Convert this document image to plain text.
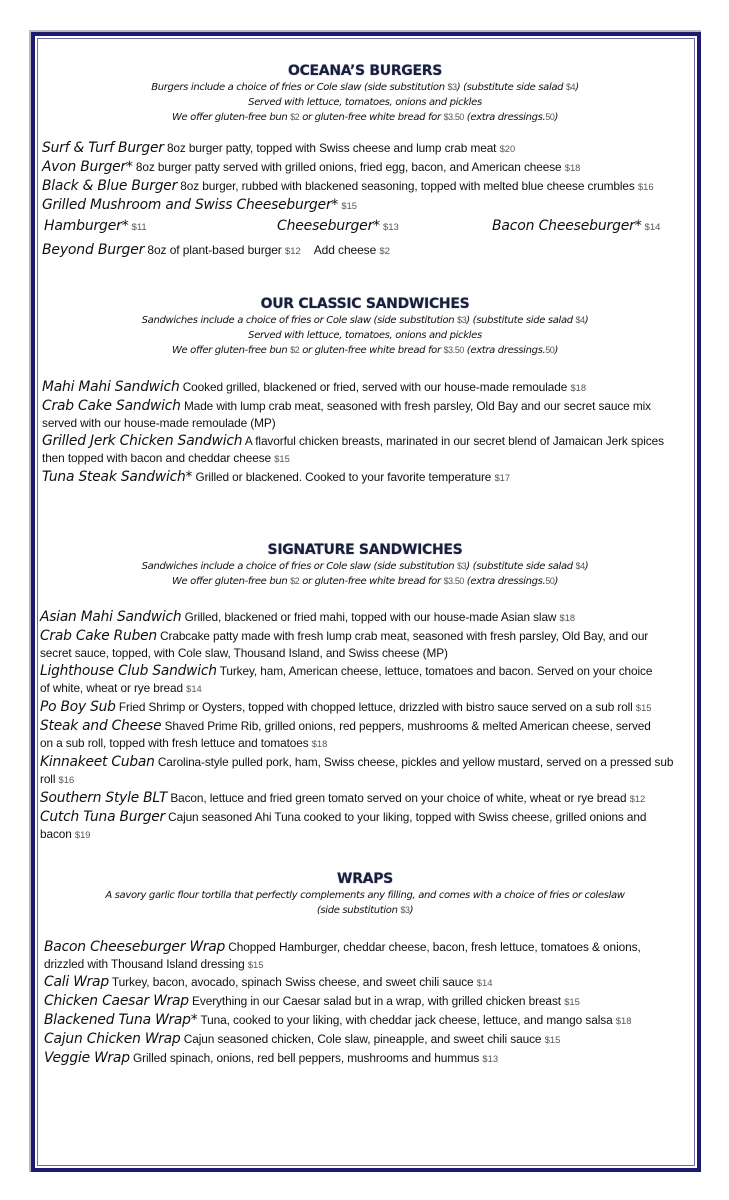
OCEANA’S BURGERS
Burgers include a choice of fries or Cole slaw (side substitution $3) (substitute side salad $4)
Served with lettuce, tomatoes, onions and pickles
We offer gluten-free bun $2 or gluten-free white bread for $3.50 (extra dressings.50)
Surf & Turf Burger 8oz burger patty, topped with Swiss cheese and lump crab meat $20
Avon Burger* 8oz burger patty served with grilled onions, fried egg, bacon, and American cheese $18
Black & Blue Burger 8oz burger, rubbed with blackened seasoning, topped with melted blue cheese crumbles $16
Grilled Mushroom and Swiss Cheeseburger* $15
Hamburger* $11	Cheeseburger* $13	Bacon Cheeseburger* $14
Beyond Burger 8oz of plant-based burger $12 Add cheese $2
OUR CLASSIC SANDWICHES
Sandwiches include a choice of fries or Cole slaw (side substitution $3) (substitute side salad $4)
Served with lettuce, tomatoes, onions and pickles
We offer gluten-free bun $2 or gluten-free white bread for $3.50 (extra dressings.50)
Mahi Mahi Sandwich Cooked grilled, blackened or fried, served with our house-made remoulade $18
Crab Cake Sandwich Made with lump crab meat, seasoned with fresh parsley, Old Bay and our secret sauce mix
served with our house-made remoulade (MP)
Grilled Jerk Chicken Sandwich A flavorful chicken breasts, marinated in our secret blend of Jamaican Jerk spices
then topped with bacon and cheddar cheese $15
Tuna Steak Sandwich* Grilled or blackened. Cooked to your favorite temperature $17
SIGNATURE SANDWICHES
Sandwiches include a choice of fries or Cole slaw (side substitution $3) (substitute side salad $4)
We offer gluten-free bun $2 or gluten-free white bread for $3.50 (extra dressings.50)
Asian Mahi Sandwich Grilled, blackened or fried mahi, topped with our house-made Asian slaw $18
Crab Cake Ruben Crabcake patty made with fresh lump crab meat, seasoned with fresh parsley, Old Bay, and our
secret sauce, topped, with Cole slaw, Thousand Island, and Swiss cheese (MP)
Lighthouse Club Sandwich Turkey, ham, American cheese, lettuce, tomatoes and bacon. Served on your choice
of white, wheat or rye bread $14
Po Boy Sub Fried Shrimp or Oysters, topped with chopped lettuce, drizzled with bistro sauce served on a sub roll $15
Steak and Cheese Shaved Prime Rib, grilled onions, red peppers, mushrooms & melted American cheese, served
on a sub roll, topped with fresh lettuce and tomatoes $18
Kinnakeet Cuban Carolina-style pulled pork, ham, Swiss cheese, pickles and yellow mustard, served on a pressed sub
roll $16
Southern Style BLT Bacon, lettuce and fried green tomato served on your choice of white, wheat or rye bread $12
Cutch Tuna Burger Cajun seasoned Ahi Tuna cooked to your liking, topped with Swiss cheese, grilled onions and
bacon $19
WRAPS
A savory garlic flour tortilla that perfectly complements any filling, and comes with a choice of fries or coleslaw
(side substitution $3)
Bacon Cheeseburger Wrap Chopped Hamburger, cheddar cheese, bacon, fresh lettuce, tomatoes & onions,
drizzled with Thousand Island dressing $15
Cali Wrap Turkey, bacon, avocado, spinach Swiss cheese, and sweet chili sauce $14
Chicken Caesar Wrap Everything in our Caesar salad but in a wrap, with grilled chicken breast $15
Blackened Tuna Wrap* Tuna, cooked to your liking, with cheddar jack cheese, lettuce, and mango salsa $18
Cajun Chicken Wrap Cajun seasoned chicken, Cole slaw, pineapple, and sweet chili sauce $15
Veggie Wrap Grilled spinach, onions, red bell peppers, mushrooms and hummus $13
